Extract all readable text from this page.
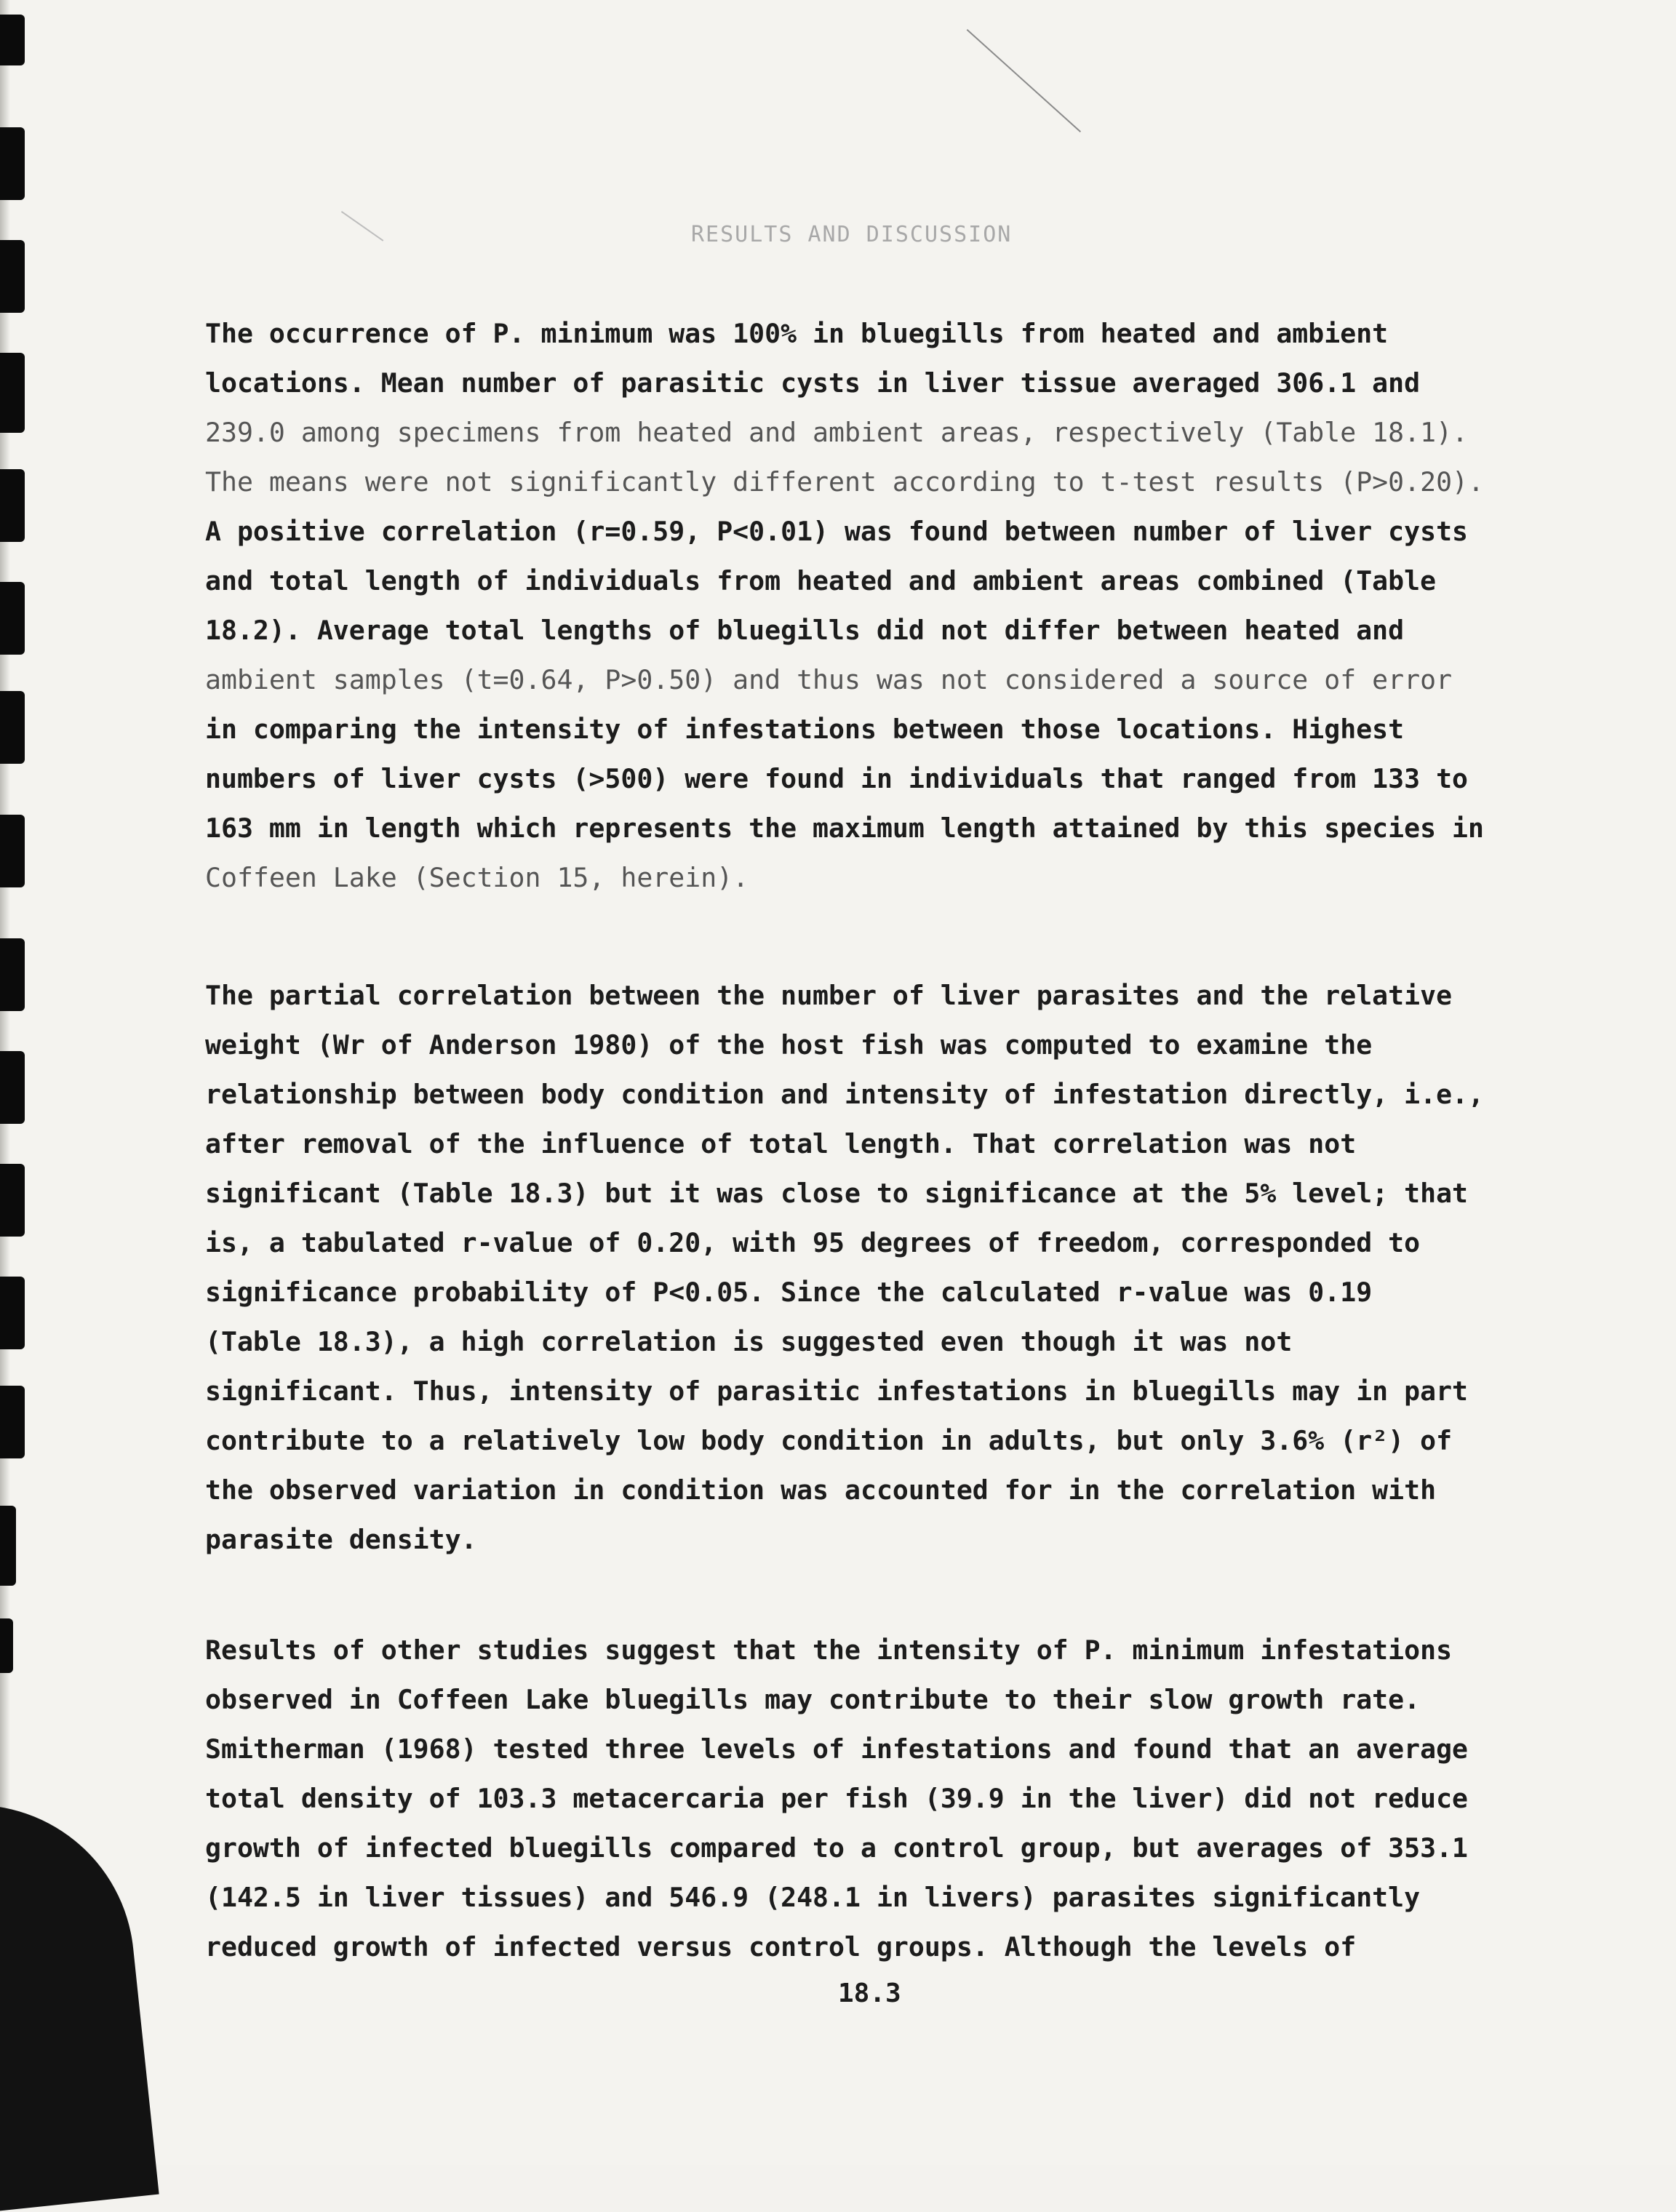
RESULTS AND DISCUSSION
The occurrence of P. minimum was 100% in bluegills from heated and ambient
locations. Mean number of parasitic cysts in liver tissue averaged 306.1 and
239.0 among specimens from heated and ambient areas, respectively (Table 18.1).
The means were not significantly different according to t-test results (P>0.20).
A positive correlation (r=0.59, P<0.01) was found between number of liver cysts
and total length of individuals from heated and ambient areas combined (Table
18.2). Average total lengths of bluegills did not differ between heated and
ambient samples (t=0.64, P>0.50) and thus was not considered a source of error
in comparing the intensity of infestations between those locations. Highest
numbers of liver cysts (>500) were found in individuals that ranged from 133 to
163 mm in length which represents the maximum length attained by this species in
Coffeen Lake (Section 15, herein).
The partial correlation between the number of liver parasites and the relative
weight (Wr of Anderson 1980) of the host fish was computed to examine the
relationship between body condition and intensity of infestation directly, i.e.,
after removal of the influence of total length. That correlation was not
significant (Table 18.3) but it was close to significance at the 5% level; that
is, a tabulated r-value of 0.20, with 95 degrees of freedom, corresponded to
significance probability of P<0.05. Since the calculated r-value was 0.19
(Table 18.3), a high correlation is suggested even though it was not
significant. Thus, intensity of parasitic infestations in bluegills may in part
contribute to a relatively low body condition in adults, but only 3.6% (r²) of
the observed variation in condition was accounted for in the correlation with
parasite density.
Results of other studies suggest that the intensity of P. minimum infestations
observed in Coffeen Lake bluegills may contribute to their slow growth rate.
Smitherman (1968) tested three levels of infestations and found that an average
total density of 103.3 metacercaria per fish (39.9 in the liver) did not reduce
growth of infected bluegills compared to a control group, but averages of 353.1
(142.5 in liver tissues) and 546.9 (248.1 in livers) parasites significantly
reduced growth of infected versus control groups. Although the levels of
18.3
